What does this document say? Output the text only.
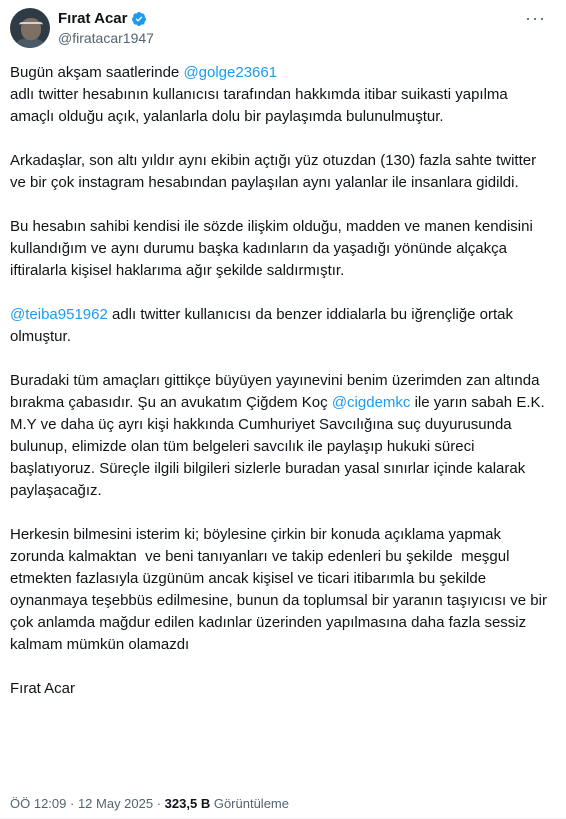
Fırat Acar
@firatacar1947
···

Bugün akşam saatlerinde @golge23661
adlı twitter hesabının kullanıcısı tarafından hakkımda itibar suikasti yapılma amaçlı olduğu açık, yalanlarla dolu bir paylaşımda bulunulmuştur.

Arkadaşlar, son altı yıldır aynı ekibin açtığı yüz otuzdan (130) fazla sahte twitter ve bir çok instagram hesabından paylaşılan aynı yalanlar ile insanlara gidildi.

Bu hesabın sahibi kendisi ile sözde ilişkim olduğu, madden ve manen kendisini kullandığım ve aynı durumu başka kadınların da yaşadığı yönünde alçakça iftiralarla kişisel haklarıma ağır şekilde saldırmıştır.

@teiba951962 adlı twitter kullanıcısı da benzer iddialarla bu iğrençliğe ortak olmuştur.

Buradaki tüm amaçları gittikçe büyüyen yayınevini benim üzerimden zan altında bırakma çabasıdır. Şu an avukatım Çiğdem Koç @cigdemkc ile yarın sabah E.K. M.Y ve daha üç ayrı kişi hakkında Cumhuriyet Savcılığına suç duyurusunda bulunup, elimizde olan tüm belgeleri savcılık ile paylaşıp hukuki süreci başlatıyoruz. Süreçle ilgili bilgileri sizlerle buradan yasal sınırlar içinde kalarak paylaşacağız.

Herkesin bilmesini isterim ki; böylesine çirkin bir konuda açıklama yapmak zorunda kalmaktan  ve beni tanıyanları ve takip edenleri bu şekilde  meşgul etmekten fazlasıyla üzgünüm ancak kişisel ve ticari itibarımla bu şekilde oynanmaya teşebbüs edilmesine, bunun da toplumsal bir yaranın taşıyıcısı ve bir çok anlamda mağdur edilen kadınlar üzerinden yapılmasına daha fazla sessiz kalmam mümkün olamazdı

Fırat Acar

ÖÖ 12:09 · 12 May 2025 · 323,5 B Görüntüleme
